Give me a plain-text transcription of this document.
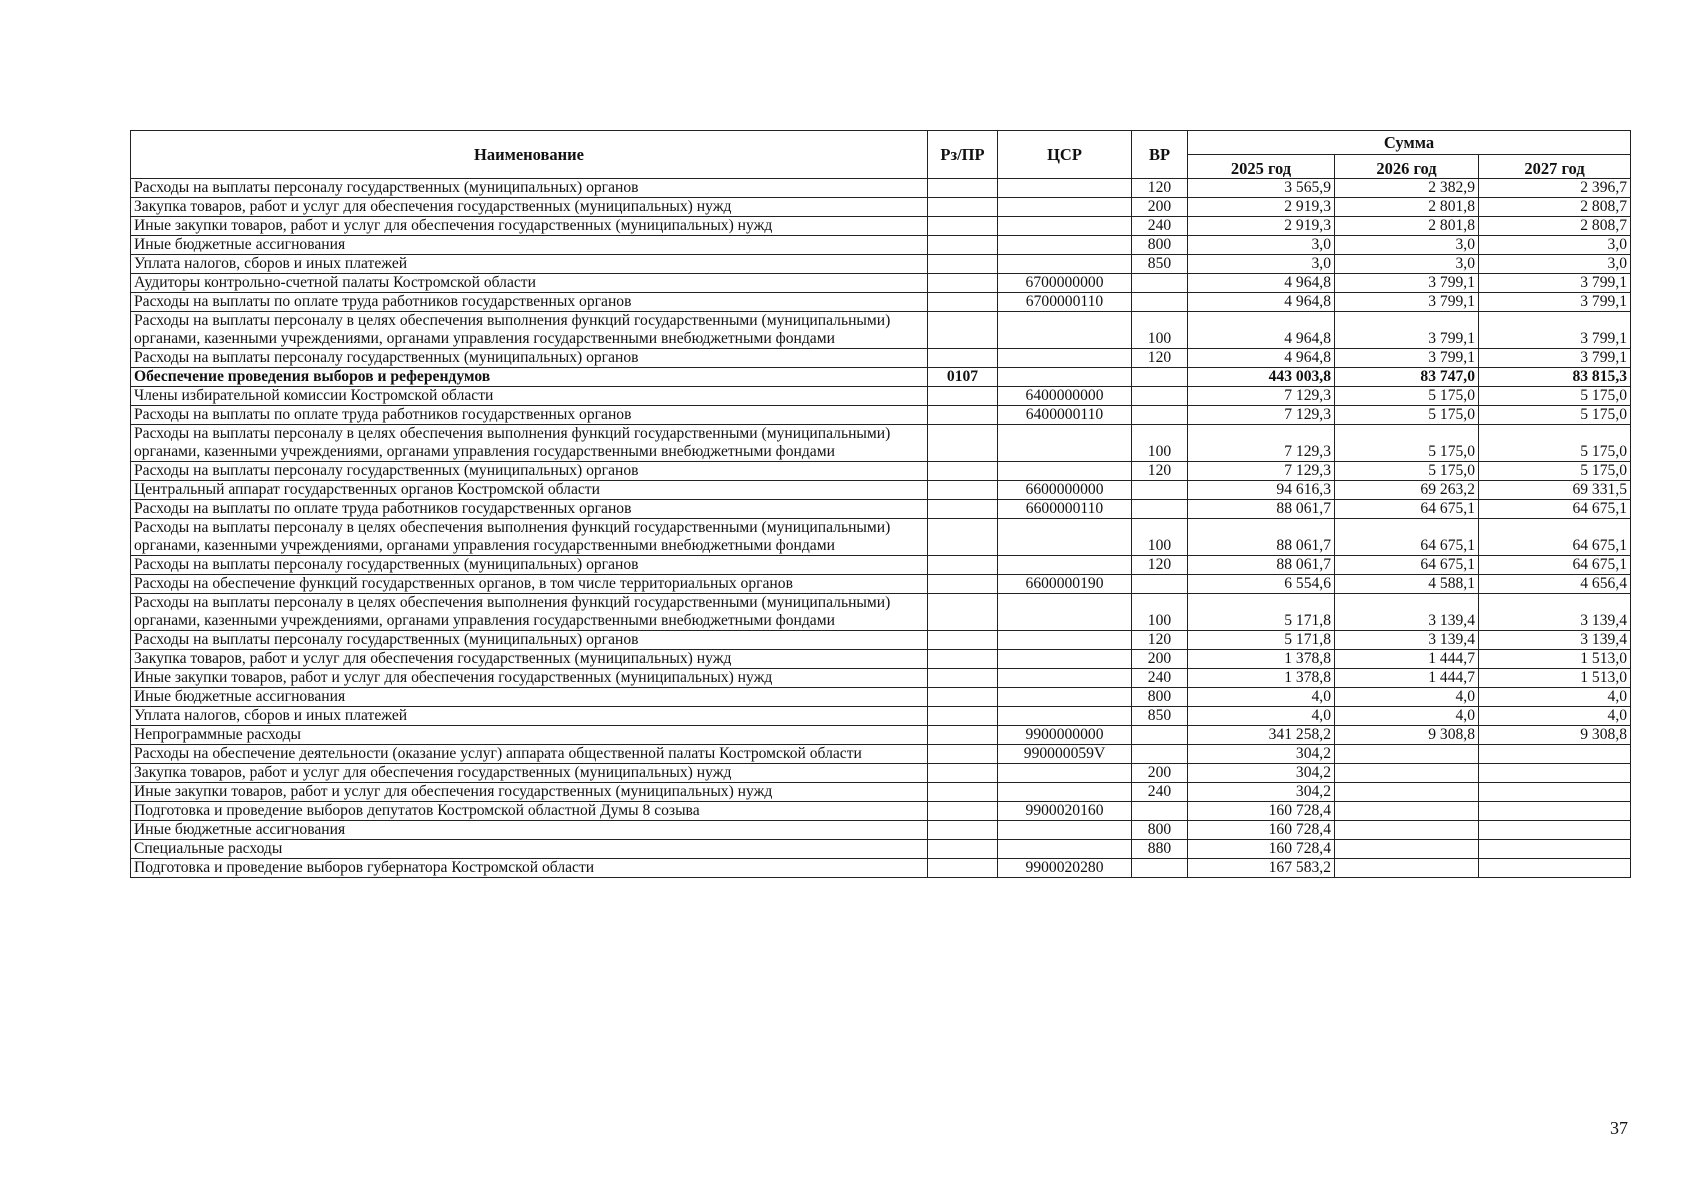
Наименование	Рз/ПР	ЦСР	ВР	Сумма		
				2025 год	2026 год	2027 год
Расходы на выплаты персоналу государственных (муниципальных) органов			120	3 565,9	2 382,9	2 396,7
Закупка товаров, работ и услуг для обеспечения государственных (муниципальных) нужд			200	2 919,3	2 801,8	2 808,7
Иные закупки товаров, работ и услуг для обеспечения государственных (муниципальных) нужд			240	2 919,3	2 801,8	2 808,7
Иные бюджетные ассигнования			800	3,0	3,0	3,0
Уплата налогов, сборов и иных платежей			850	3,0	3,0	3,0
Аудиторы контрольно-счетной палаты Костромской области		6700000000		4 964,8	3 799,1	3 799,1
Расходы на выплаты по оплате труда работников государственных органов		6700000110		4 964,8	3 799,1	3 799,1
Расходы на выплаты персоналу в целях обеспечения выполнения функций государственными (муниципальными) органами, казенными учреждениями, органами управления государственными внебюджетными фондами			100	4 964,8	3 799,1	3 799,1
Расходы на выплаты персоналу государственных (муниципальных) органов			120	4 964,8	3 799,1	3 799,1
Обеспечение проведения выборов и референдумов	0107			443 003,8	83 747,0	83 815,3
Члены избирательной комиссии Костромской области		6400000000		7 129,3	5 175,0	5 175,0
Расходы на выплаты по оплате труда работников государственных органов		6400000110		7 129,3	5 175,0	5 175,0
Расходы на выплаты персоналу в целях обеспечения выполнения функций государственными (муниципальными) органами, казенными учреждениями, органами управления государственными внебюджетными фондами			100	7 129,3	5 175,0	5 175,0
Расходы на выплаты персоналу государственных (муниципальных) органов			120	7 129,3	5 175,0	5 175,0
Центральный аппарат государственных органов Костромской области		6600000000		94 616,3	69 263,2	69 331,5
Расходы на выплаты по оплате труда работников государственных органов		6600000110		88 061,7	64 675,1	64 675,1
Расходы на выплаты персоналу в целях обеспечения выполнения функций государственными (муниципальными) органами, казенными учреждениями, органами управления государственными внебюджетными фондами			100	88 061,7	64 675,1	64 675,1
Расходы на выплаты персоналу государственных (муниципальных) органов			120	88 061,7	64 675,1	64 675,1
Расходы на обеспечение функций государственных органов, в том числе территориальных органов		6600000190		6 554,6	4 588,1	4 656,4
Расходы на выплаты персоналу в целях обеспечения выполнения функций государственными (муниципальными) органами, казенными учреждениями, органами управления государственными внебюджетными фондами			100	5 171,8	3 139,4	3 139,4
Расходы на выплаты персоналу государственных (муниципальных) органов			120	5 171,8	3 139,4	3 139,4
Закупка товаров, работ и услуг для обеспечения государственных (муниципальных) нужд			200	1 378,8	1 444,7	1 513,0
Иные закупки товаров, работ и услуг для обеспечения государственных (муниципальных) нужд			240	1 378,8	1 444,7	1 513,0
Иные бюджетные ассигнования			800	4,0	4,0	4,0
Уплата налогов, сборов и иных платежей			850	4,0	4,0	4,0
Непрограммные расходы		9900000000		341 258,2	9 308,8	9 308,8
Расходы на обеспечение деятельности (оказание услуг) аппарата общественной палаты Костромской области		990000059V		304,2		
Закупка товаров, работ и услуг для обеспечения государственных (муниципальных) нужд			200	304,2		
Иные закупки товаров, работ и услуг для обеспечения государственных (муниципальных) нужд			240	304,2		
Подготовка и проведение выборов депутатов Костромской областной Думы 8 созыва		9900020160		160 728,4		
Иные бюджетные ассигнования			800	160 728,4		
Специальные расходы			880	160 728,4		
Подготовка и проведение выборов губернатора Костромской области		9900020280		167 583,2		
37
